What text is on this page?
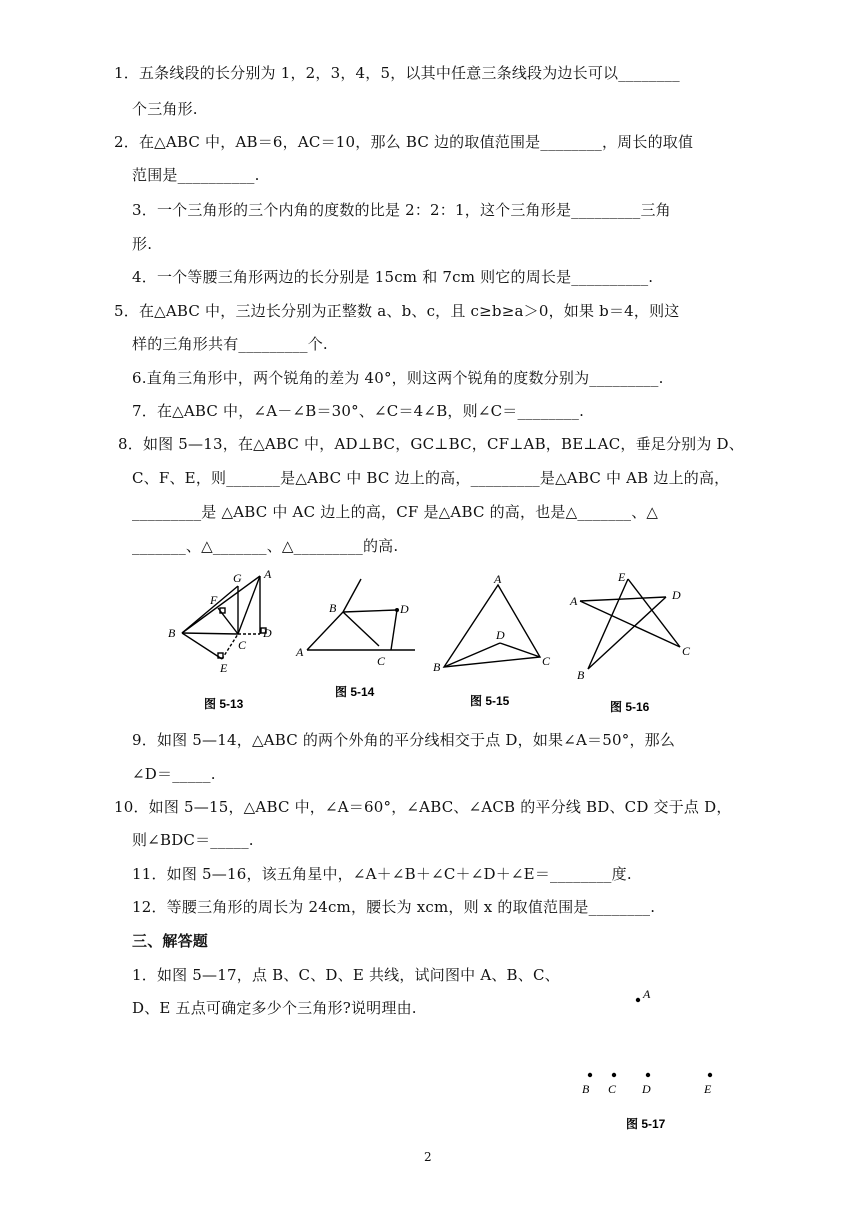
1．五条线段的长分别为 1，2，3，4，5，以其中任意三条线段为边长可以________
个三角形.
2．在△ABC 中，AB＝6，AC＝10，那么 BC 边的取值范围是________，周长的取值
范围是__________.
3．一个三角形的三个内角的度数的比是 2：2：1，这个三角形是_________三角
形.
4．一个等腰三角形两边的长分别是 15cm 和 7cm 则它的周长是__________.
5．在△ABC 中，三边长分别为正整数 a、b、c，且 c≥b≥a＞0，如果 b＝4，则这
样的三角形共有_________个.
6.直角三角形中，两个锐角的差为 40°，则这两个锐角的度数分别为_________.
7．在△ABC 中，∠A－∠B＝30°、∠C＝4∠B，则∠C＝________.
8．如图 5—13，在△ABC 中，AD⊥BC，GC⊥BC，CF⊥AB，BE⊥AC，垂足分别为 D、
C、F、E，则_______是△ABC 中 BC 边上的高，_________是△ABC 中 AB 边上的高，
_________是 △ABC 中 AC 边上的高，CF 是△ABC 的高，也是△_______、△
_______、△_______、△_________的高.
G A
F
B
C
D
E
图 5-13
B	D
A
C
图 5-14
A
D
B	C
图 5-15
E
A	D
C
B
图 5-16
9．如图 5—14，△ABC 的两个外角的平分线相交于点 D，如果∠A＝50°，那么
∠D＝_____.
10．如图 5—15，△ABC 中，∠A＝60°，∠ABC、∠ACB 的平分线 BD、CD 交于点 D，
则∠BDC＝_____.
11．如图 5—16，该五角星中，∠A＋∠B＋∠C＋∠D＋∠E＝________度.
12．等腰三角形的周长为 24cm，腰长为 xcm，则 x 的取值范围是________.
三、解答题
1．如图 5—17，点 B、C、D、E 共线，试问图中 A、B、C、
D、E 五点可确定多少个三角形?说明理由.
A
B C D	E
图 5-17
2
